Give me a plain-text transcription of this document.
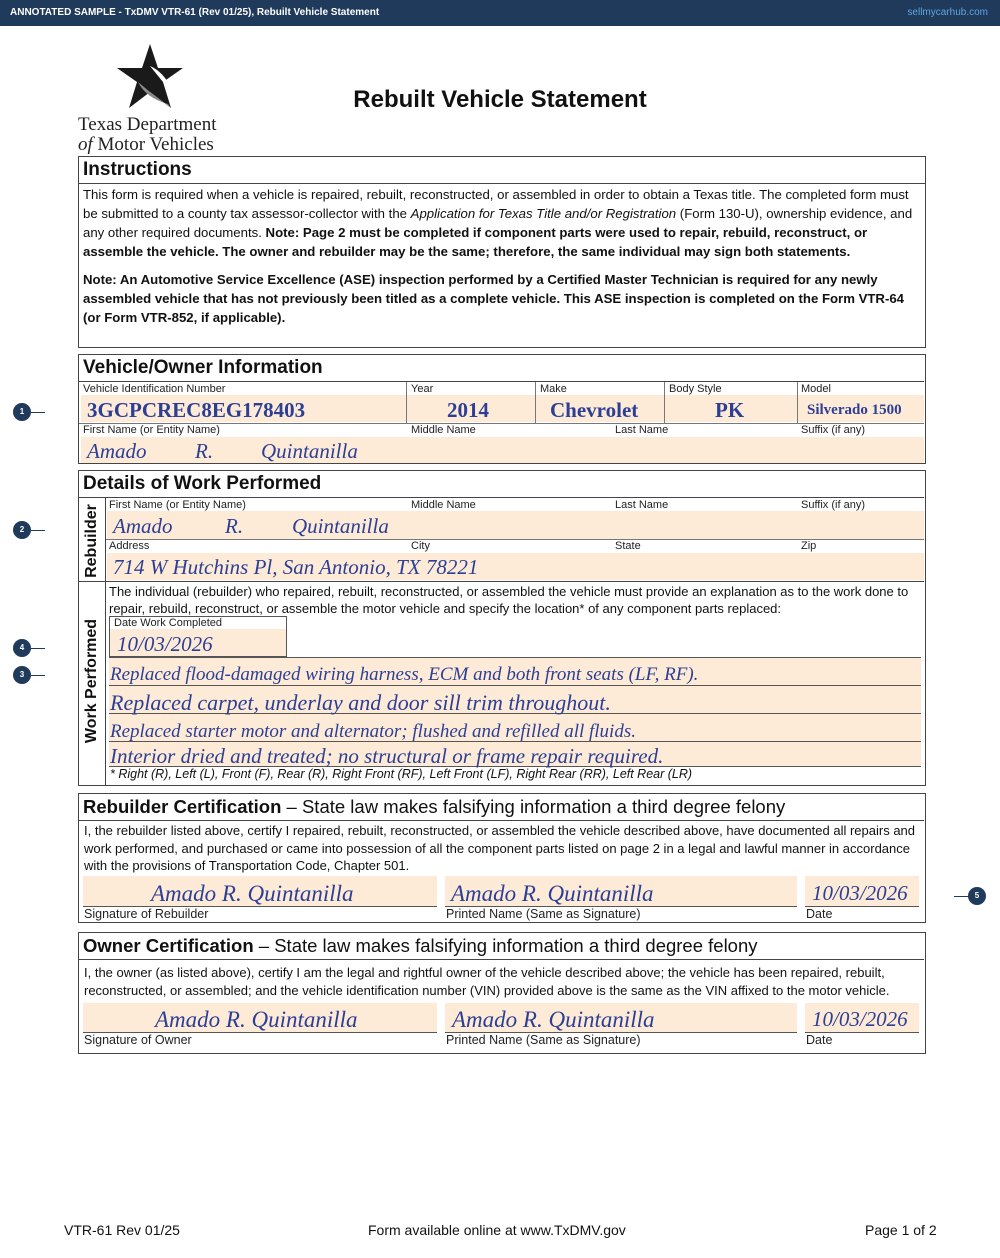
ANNOTATED SAMPLE - TxDMV VTR-61 (Rev 01/25), Rebuilt Vehicle Statement	sellmycarhub.com
Texas Department
of Motor Vehicles
Rebuilt Vehicle Statement
Instructions
This form is required when a vehicle is repaired, rebuilt, reconstructed, or assembled in order to obtain a Texas title. The completed form must be submitted to a county tax assessor-collector with the Application for Texas Title and/or Registration (Form 130-U), ownership evidence, and any other required documents. Note: Page 2 must be completed if component parts were used to repair, rebuild, reconstruct, or assemble the vehicle. The owner and rebuilder may be the same; therefore, the same individual may sign both statements.
Note: An Automotive Service Excellence (ASE) inspection performed by a Certified Master Technician is required for any newly assembled vehicle that has not previously been titled as a complete vehicle. This ASE inspection is completed on the Form VTR-64 (or Form VTR-852, if applicable).
Vehicle/Owner Information
Vehicle Identification Number	Year	Make	Body Style	Model
3GCPCREC8EG178403	2014	Chevrolet	PK	Silverado 1500
First Name (or Entity Name)	Middle Name	Last Name	Suffix (if any)
Amado R. Quintanilla
Details of Work Performed
Rebuilder
Work Performed
First Name (or Entity Name)	Middle Name	Last Name	Suffix (if any)
Amado	R. Quintanilla
Address	City	State	Zip
714 W Hutchins Pl, San Antonio, TX 78221
The individual (rebuilder) who repaired, rebuilt, reconstructed, or assembled the vehicle must provide an explanation as to the work done to repair, rebuild, reconstruct, or assemble the motor vehicle and specify the location* of any component parts replaced:
Date Work Completed
10/03/2026
Replaced flood-damaged wiring harness, ECM and both front seats (LF, RF).
Replaced carpet, underlay and door sill trim throughout.
Replaced starter motor and alternator; flushed and refilled all fluids.
Interior dried and treated; no structural or frame repair required.
* Right (R), Left (L), Front (F), Rear (R), Right Front (RF), Left Front (LF), Right Rear (RR), Left Rear (LR)
Rebuilder Certification – State law makes falsifying information a third degree felony
I, the rebuilder listed above, certify I repaired, rebuilt, reconstructed, or assembled the vehicle described above, have documented all repairs and work performed, and purchased or came into possession of all the component parts listed on page 2 in a legal and lawful manner in accordance with the provisions of Transportation Code, Chapter 501.
Amado R. Quintanilla	Amado R. Quintanilla	10/03/2026
Signature of Rebuilder	Printed Name (Same as Signature)	Date
Owner Certification – State law makes falsifying information a third degree felony
I, the owner (as listed above), certify I am the legal and rightful owner of the vehicle described above; the vehicle has been repaired, rebuilt, reconstructed, or assembled; and the vehicle identification number (VIN) provided above is the same as the VIN affixed to the motor vehicle.
Amado R. Quintanilla	Amado R. Quintanilla	10/03/2026
Signature of Owner	Printed Name (Same as Signature)	Date
1
2
3
4
5
VTR-61 Rev 01/25	Form available online at www.TxDMV.gov	Page 1 of 2
